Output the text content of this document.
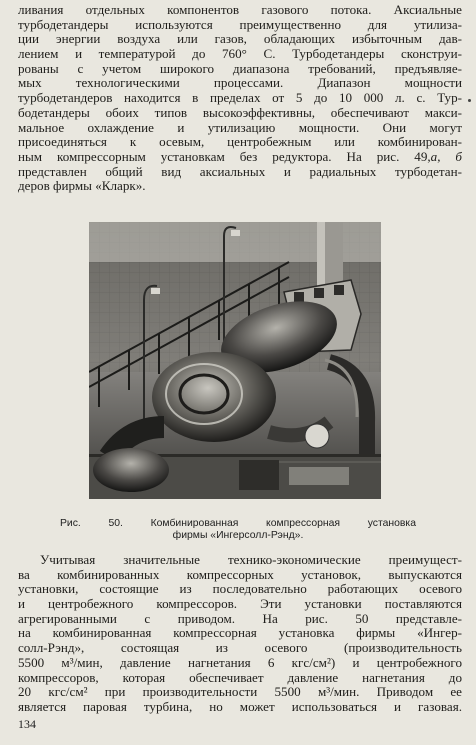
ливания отдельных компонентов газового потока. Аксиальные
турбодетандеры используются преимущественно для утилиза-
ции энергии воздуха или газов, обладающих избыточным дав-
лением и температурой до 760° С. Турбодетандеры сконструи-
рованы с учетом широкого диапазона требований, предъявляе-
мых технологическими процессами. Диапазон мощности
турбодетандеров находится в пределах от 5 до 10 000 л. с. Тур-
бодетандеры обоих типов высокоэффективны, обеспечивают макси-
мальное охлаждение и утилизацию мощности. Они могут
присоединяться к осевым, центробежным или комбинирован-
ным компрессорным установкам без редуктора. На рис. 49,а, б
представлен общий вид аксиальных и радиальных турбодетан-
деров фирмы «Кларк».
Рис. 50. Комбинированная компрессорная установка
фирмы «Ингерсолл-Рэнд».
Учитывая значительные технико-экономические преимущест-
ва комбинированных компрессорных установок, выпускаются
установки, состоящие из последовательно работающих осевого
и центробежного компрессоров. Эти установки поставляются
агрегированными с приводом. На рис. 50 представле-
на комбинированная компрессорная установка фирмы «Ингер-
солл-Рэнд», состоящая из осевого (производительность
5500 м³/мин, давление нагнетания 6 кгс/см²) и центробежного
компрессоров, которая обеспечивает давление нагнетания до
20 кгс/см² при производительности 5500 м³/мин. Приводом ее
является паровая турбина, но может использоваться и газовая.
134
